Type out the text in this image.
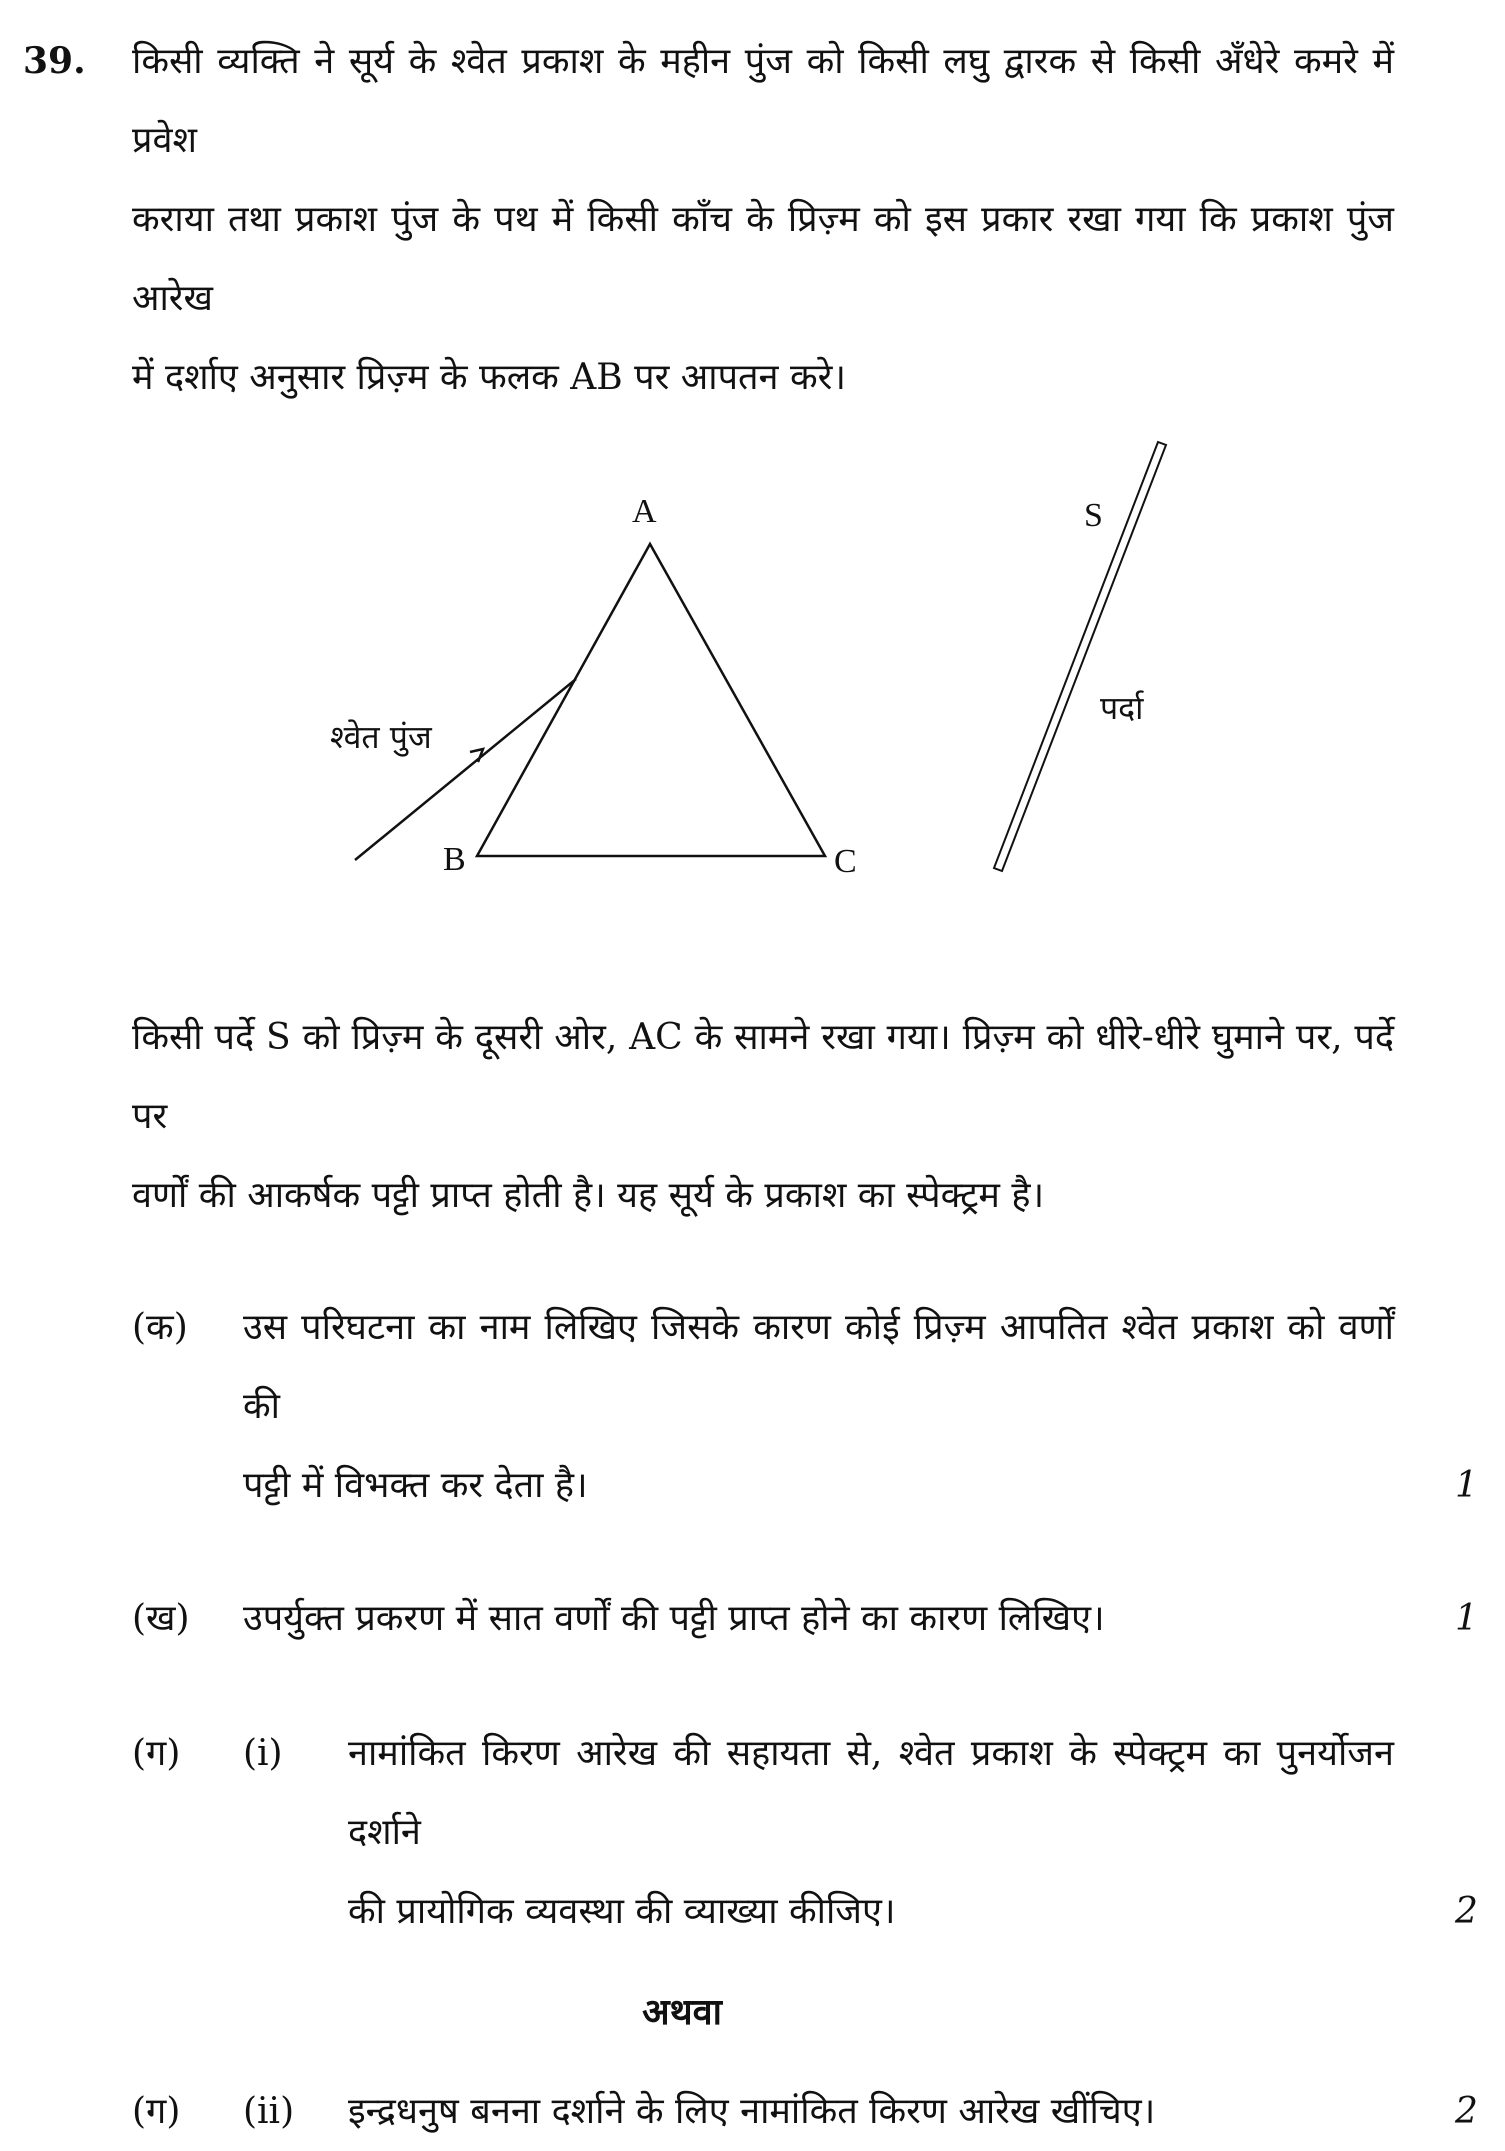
39.	किसी व्यक्ति ने सूर्य के श्वेत प्रकाश के महीन पुंज को किसी लघु द्वारक से किसी अँधेरे कमरे में प्रवेश
कराया तथा प्रकाश पुंज के पथ में किसी काँच के प्रिज़्म को इस प्रकार रखा गया कि प्रकाश पुंज आरेख
में दर्शाए अनुसार प्रिज़्म के फलक AB पर आपतन करे।
A
B	C
श्वेत पुंज
S
पर्दा
किसी पर्दे S को प्रिज़्म के दूसरी ओर, AC के सामने रखा गया। प्रिज़्म को धीरे-धीरे घुमाने पर, पर्दे पर
वर्णों की आकर्षक पट्टी प्राप्त होती है। यह सूर्य के प्रकाश का स्पेक्ट्रम है।
(क)	उस परिघटना का नाम लिखिए जिसके कारण कोई प्रिज़्म आपतित श्वेत प्रकाश को वर्णों की
पट्टी में विभक्त कर देता है।	1
(ख)	उपर्युक्त प्रकरण में सात वर्णों की पट्टी प्राप्त होने का कारण लिखिए।	1
(ग)	(i)	नामांकित किरण आरेख की सहायता से, श्वेत प्रकाश के स्पेक्ट्रम का पुनर्योजन दर्शाने
की प्रायोगिक व्यवस्था की व्याख्या कीजिए।	2
अथवा
(ग)	(ii)	इन्द्रधनुष बनना दर्शाने के लिए नामांकित किरण आरेख खींचिए।	2
